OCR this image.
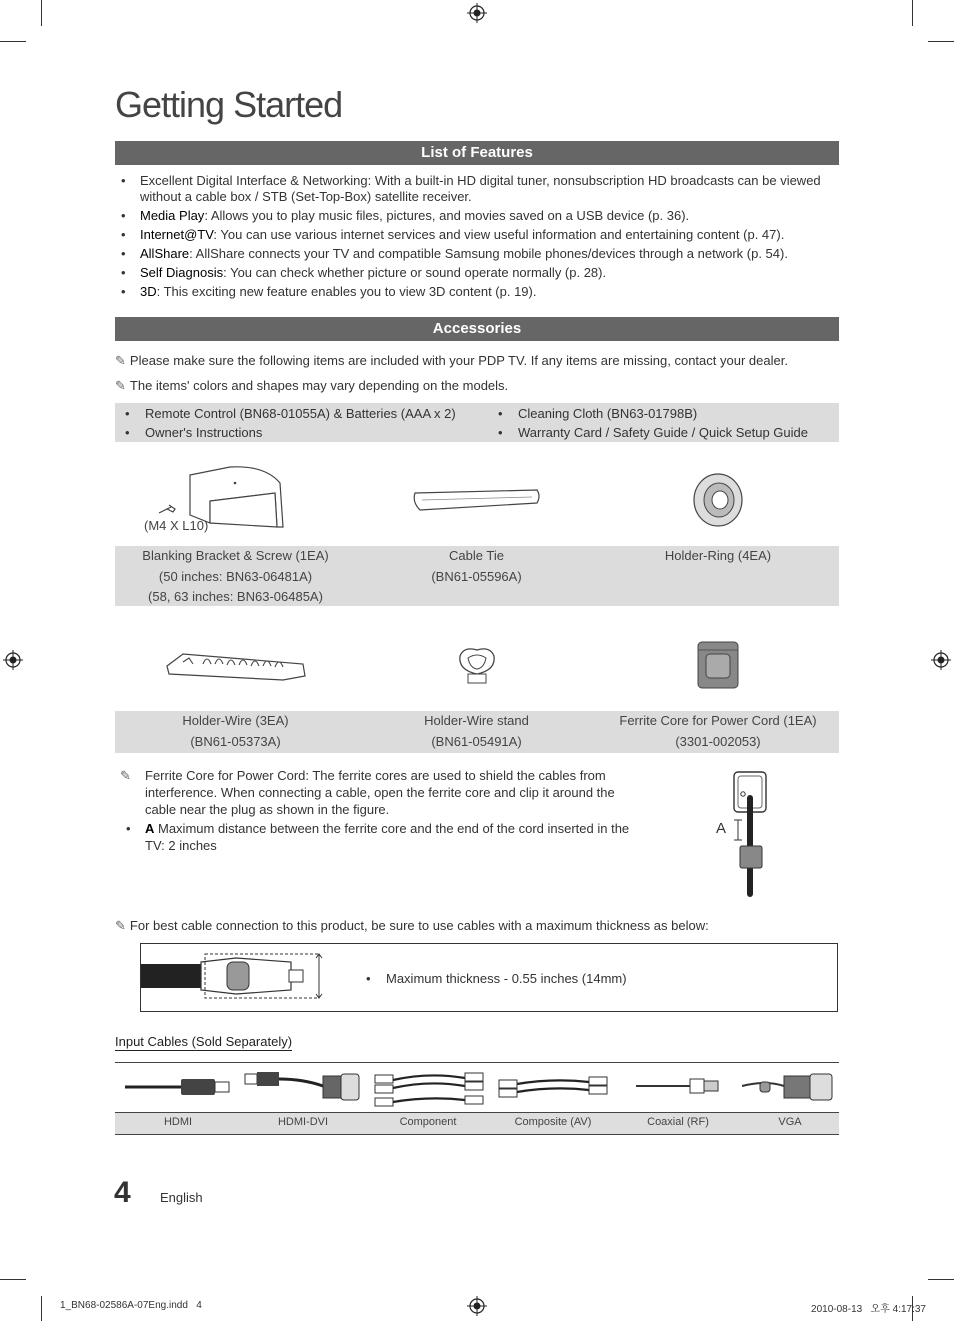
Getting Started
List of Features
• Excellent Digital Interface & Networking: With a built-in HD digital tuner, nonsubscription HD broadcasts can be viewed without a cable box / STB (Set-Top-Box) satellite receiver.
• Media Play: Allows you to play music files, pictures, and movies saved on a USB device (p. 36).
• Internet@TV: You can use various internet services and view useful information and entertaining content (p. 47).
• AllShare: AllShare connects your TV and compatible Samsung mobile phones/devices through a network (p. 54).
• Self Diagnosis: You can check whether picture or sound operate normally (p. 28).
• 3D: This exciting new feature enables you to view 3D content (p. 19).
Accessories
✎ Please make sure the following items are included with your PDP TV. If any items are missing, contact your dealer.
✎ The items' colors and shapes may vary depending on the models.
• Remote Control (BN68-01055A) & Batteries (AAA x 2)
• Owner's Instructions
• Cleaning Cloth (BN63-01798B)
• Warranty Card / Safety Guide / Quick Setup Guide
(M4 X L10)
Blanking Bracket & Screw (1EA)
(50 inches: BN63-06481A)
(58, 63 inches: BN63-06485A)
Cable Tie
(BN61-05596A)
Holder-Ring (4EA)
Holder-Wire (3EA)
(BN61-05373A)
Holder-Wire stand
(BN61-05491A)
Ferrite Core for Power Cord (1EA)
(3301-002053)
✎	Ferrite Core for Power Cord: The ferrite cores are used to shield the cables from interference. When connecting a cable, open the ferrite core and clip it around the cable near the plug as shown in the figure.
•	A Maximum distance between the ferrite core and the end of the cord inserted in the TV: 2 inches
A
✎ For best cable connection to this product, be sure to use cables with a maximum thickness as below:
• Maximum thickness - 0.55 inches (14mm)
Input Cables (Sold Separately)
HDMI	HDMI-DVI	Component	Composite (AV)	Coaxial (RF)	VGA
4 English
1_BN68-02586A-07Eng.indd   4	2010-08-13   오후 4:17:37
